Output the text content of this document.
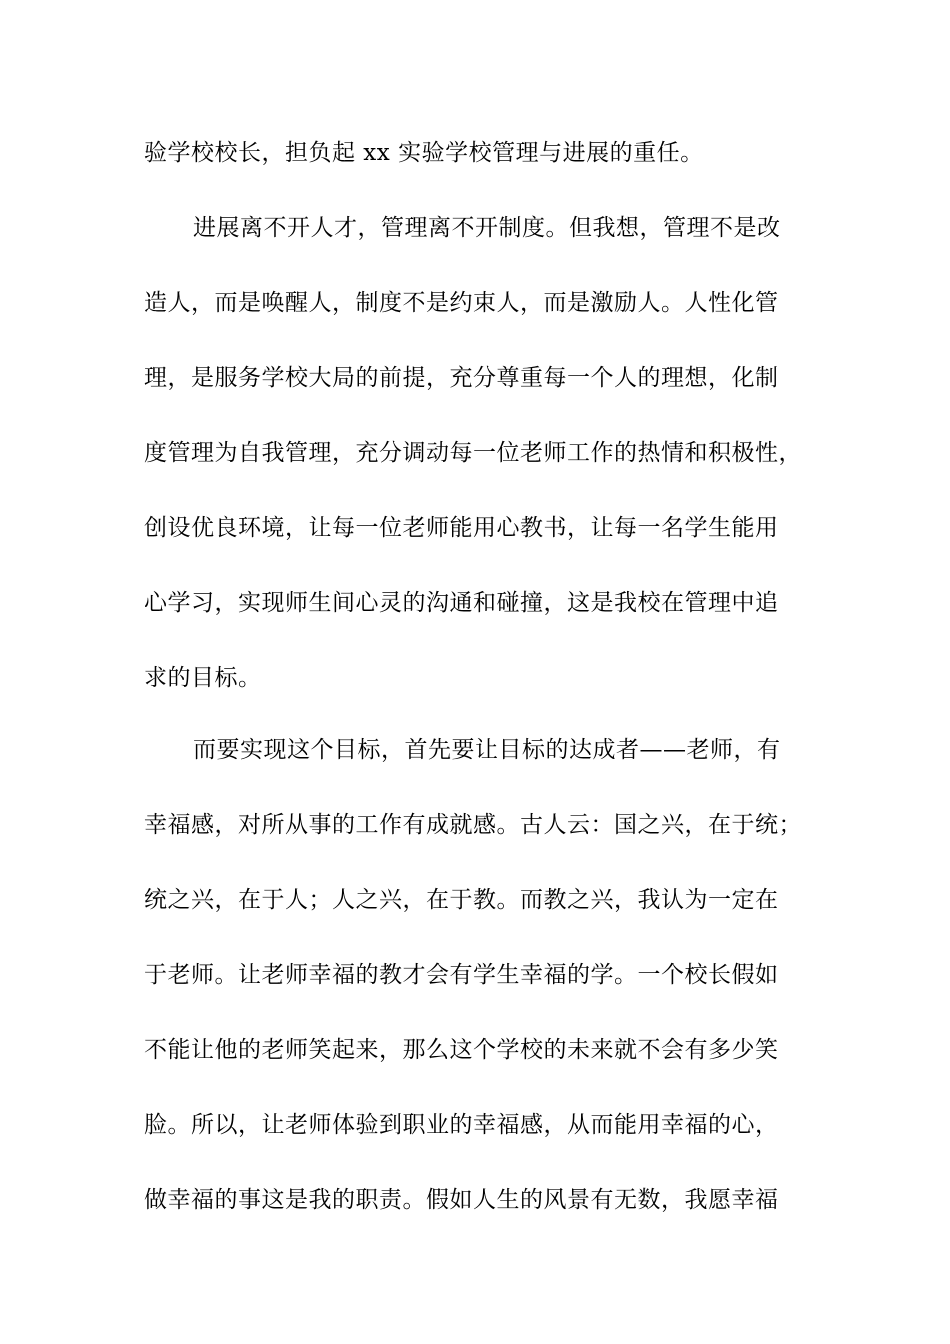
验学校校长，担负起 xx 实验学校管理与进展的重任。
进展离不开人才，管理离不开制度。但我想，管理不是改
造人，而是唤醒人，制度不是约束人，而是激励人。人性化管
理，是服务学校大局的前提，充分尊重每一个人的理想，化制
度管理为自我管理，充分调动每一位老师工作的热情和积极性，
创设优良环境，让每一位老师能用心教书，让每一名学生能用
心学习，实现师生间心灵的沟通和碰撞，这是我校在管理中追
求的目标。
而要实现这个目标，首先要让目标的达成者——老师，有
幸福感，对所从事的工作有成就感。古人云：国之兴，在于统；
统之兴，在于人；人之兴，在于教。而教之兴，我认为一定在
于老师。让老师幸福的教才会有学生幸福的学。一个校长假如
不能让他的老师笑起来，那么这个学校的未来就不会有多少笑
脸。所以，让老师体验到职业的幸福感，从而能用幸福的心，
做幸福的事这是我的职责。假如人生的风景有无数，我愿幸福
